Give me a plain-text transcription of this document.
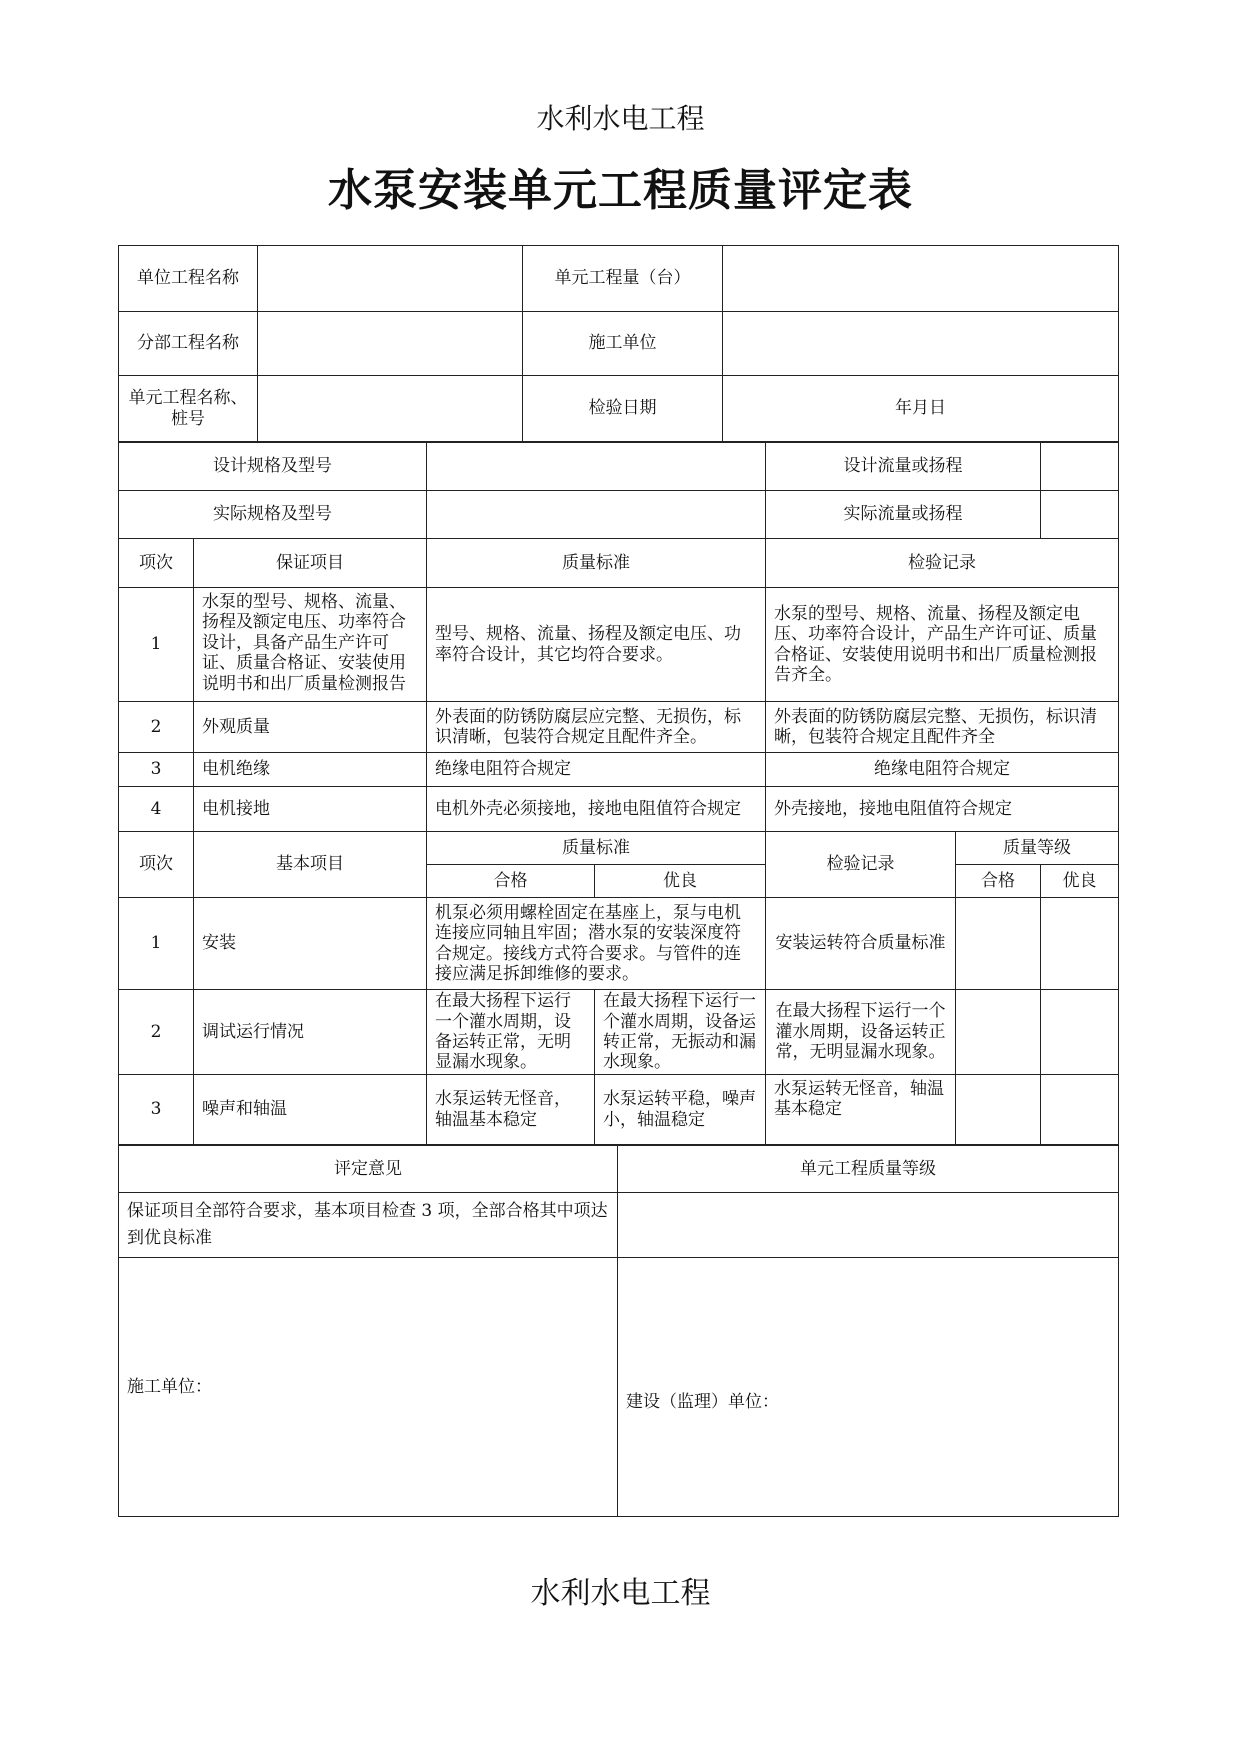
水利水电工程
水泵安装单元工程质量评定表
单位工程名称		单元工程量（台）	
分部工程名称		施工单位	

单元工程名称、
桩号		检验日期	年月日
设计规格及型号				设计流量或扬程		
实际规格及型号				实际流量或扬程		
项次	保证项目	质量标准		检验记录		
1	水泵的型号、规格、流量、扬程及额定电压、功率符合设计，具备产品生产许可证、质量合格证、安装使用说明书和出厂质量检测报告	型号、规格、流量、扬程及额定电压、功率符合设计，其它均符合要求。		水泵的型号、规格、流量、扬程及额定电压、功率符合设计，产品生产许可证、质量合格证、安装使用说明书和出厂质量检测报告齐全。		
2	外观质量	外表面的防锈防腐层应完整、无损伤，标识清晰，包装符合规定且配件齐全。		外表面的防锈防腐层完整、无损伤，标识清晰，包装符合规定且配件齐全		
3	电机绝缘	绝缘电阻符合规定		绝缘电阻符合规定		
4	电机接地	电机外壳必须接地，接地电阻值符合规定		外壳接地，接地电阻值符合规定		
项次	基本项目	质量标准		检验记录	质量等级	
		合格	优良		合格	优良
1	安装	机泵必须用螺栓固定在基座上，泵与电机连接应同轴且牢固；潜水泵的安装深度符合规定。接线方式符合要求。与管件的连接应满足拆卸维修的要求。		安装运转符合质量标准		
2	调试运行情况	在最大扬程下运行一个灌水周期，设备运转正常，无明显漏水现象。	在最大扬程下运行一个灌水周期，设备运转正常，无振动和漏水现象。	在最大扬程下运行一个灌水周期，设备运转正常，无明显漏水现象。		
3	噪声和轴温	水泵运转无怪音，轴温基本稳定	水泵运转平稳，噪声小，轴温稳定	水泵运转无怪音，轴温基本稳定		
评定意见	单元工程质量等级
保证项目全部符合要求，基本项目检查 3 项，全部合格其中项达到优良标准	
施工单位：	建设（监理）单位：
水利水电工程
